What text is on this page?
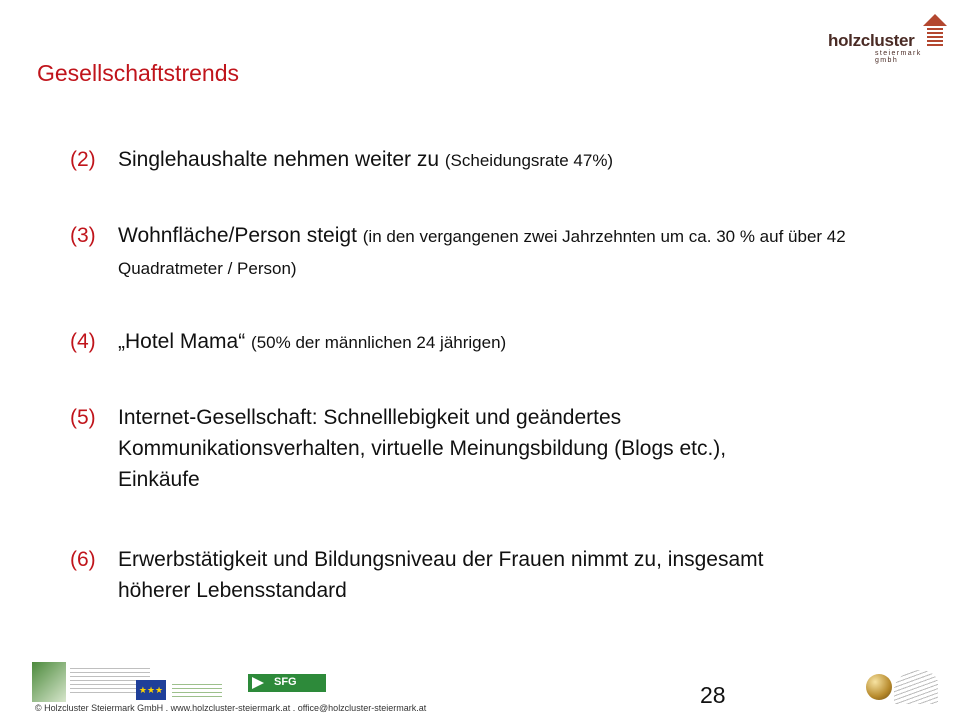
Gesellschaftstrends
holzcluster
steiermark gmbh
(2) Singlehaushalte nehmen weiter zu (Scheidungsrate 47%)
(3) Wohnfläche/Person steigt (in den vergangenen zwei Jahrzehnten um ca. 30 % auf über 42 Quadratmeter / Person)
(4) „Hotel Mama“ (50% der männlichen 24 jährigen)
(5) Internet-Gesellschaft: Schnelllebigkeit und geändertes Kommunikationsverhalten, virtuelle Meinungsbildung (Blogs etc.), Einkäufe
(6) Erwerbstätigkeit und Bildungsniveau der Frauen nimmt zu, insgesamt höherer Lebensstandard
★★★
SFG	28
© Holzcluster Steiermark GmbH . www.holzcluster-steiermark.at . office@holzcluster-steiermark.at
